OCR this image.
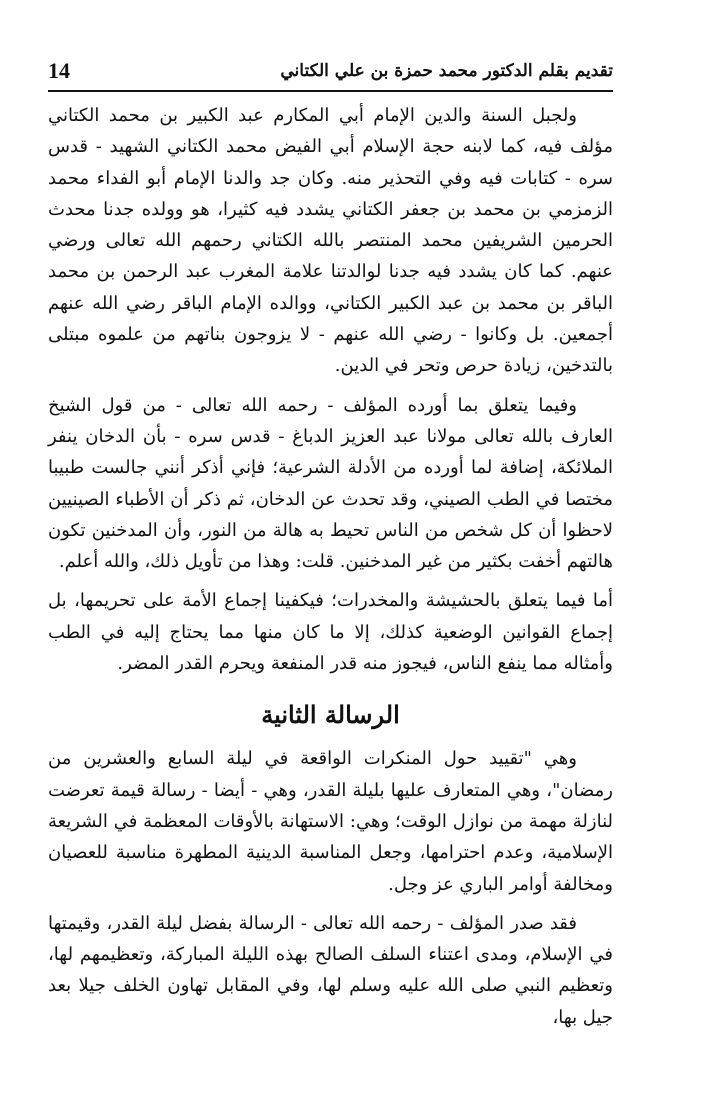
تقديم بقلم الدكتور محمد حمزة بن علي الكتاني
14

ولجبل السنة والدين الإمام أبي المكارم عبد الكبير بن محمد الكتاني مؤلف فيه، كما لابنه حجة الإسلام أبي الفيض محمد الكتاني الشهيد - قدس سره - كتابات فيه وفي التحذير منه. وكان جد والدنا الإمام أبو الفداء محمد الزمزمي بن محمد بن جعفر الكتاني يشدد فيه كثيرا، هو وولده جدنا محدث الحرمين الشريفين محمد المنتصر بالله الكتاني رحمهم الله تعالى ورضي عنهم. كما كان يشدد فيه جدنا لوالدتنا علامة المغرب عبد الرحمن بن محمد الباقر بن محمد بن عبد الكبير الكتاني، ووالده الإمام الباقر رضي الله عنهم أجمعين. بل وكانوا - رضي الله عنهم - لا يزوجون بناتهم من علموه مبتلى بالتدخين، زيادة حرص وتحر في الدين.

وفيما يتعلق بما أورده المؤلف - رحمه الله تعالى - من قول الشيخ العارف بالله تعالى مولانا عبد العزيز الدباغ - قدس سره - بأن الدخان ينفر الملائكة، إضافة لما أورده من الأدلة الشرعية؛ فإني أذكر أنني جالست طبيبا مختصا في الطب الصيني، وقد تحدث عن الدخان، ثم ذكر أن الأطباء الصينيين لاحظوا أن كل شخص من الناس تحيط به هالة من النور، وأن المدخنين تكون هالتهم أخفت بكثير من غير المدخنين. قلت: وهذا من تأويل ذلك، والله أعلم.

أما فيما يتعلق بالحشيشة والمخدرات؛ فيكفينا إجماع الأمة على تحريمها، بل إجماع القوانين الوضعية كذلك، إلا ما كان منها مما يحتاج إليه في الطب وأمثاله مما ينفع الناس، فيجوز منه قدر المنفعة ويحرم القدر المضر.

الرسالة الثانية

وهي "تقييد حول المنكرات الواقعة في ليلة السابع والعشرين من رمضان"، وهي المتعارف عليها بليلة القدر، وهي - أيضا - رسالة قيمة تعرضت لنازلة مهمة من نوازل الوقت؛ وهي: الاستهانة بالأوقات المعظمة في الشريعة الإسلامية، وعدم احترامها، وجعل المناسبة الدينية المطهرة مناسبة للعصيان ومخالفة أوامر الباري عز وجل.

فقد صدر المؤلف - رحمه الله تعالى - الرسالة بفضل ليلة القدر، وقيمتها في الإسلام، ومدى اعتناء السلف الصالح بهذه الليلة المباركة، وتعظيمهم لها، وتعظيم النبي صلى الله عليه وسلم لها، وفي المقابل تهاون الخلف جيلا بعد جيل بها،
